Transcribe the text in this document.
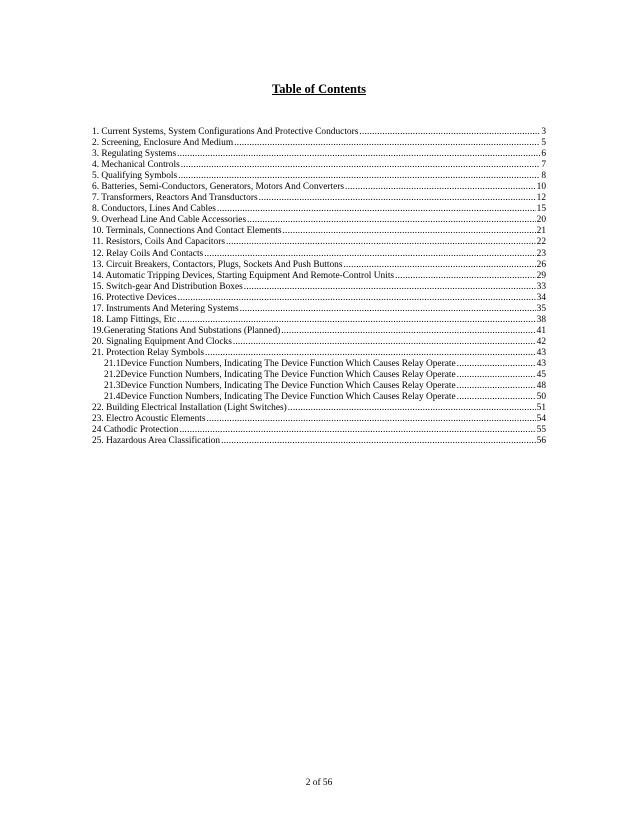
Table of Contents
1. Current Systems, System Configurations And Protective Conductors .....	3
2. Screening, Enclosure And Medium .....	5
3. Regulating Systems .....	6
4. Mechanical Controls .....	7
5. Qualifying Symbols .....	8
6. Batteries, Semi-Conductors, Generators, Motors And Converters .....	10
7. Transformers, Reactors And Transductors .....	12
8. Conductors, Lines And Cables .....	15
9. Overhead Line And Cable Accessories .....	20
10. Terminals, Connections And Contact Elements .....	21
11. Resistors, Coils And Capacitors .....	22
12. Relay Coils And Contacts .....	23
13. Circuit Breakers, Contactors, Plugs, Sockets And Push Buttons .....	26
14. Automatic Tripping Devices, Starting Equipment And Remote-Control Units .....	29
15. Switch-gear And Distribution Boxes .....	33
16. Protective Devices .....	34
17. Instruments And Metering Systems .....	35
18. Lamp Fittings, Etc .....	38
19.Generating Stations And Substations (Planned) .....	41
20. Signaling Equipment And Clocks .....	42
21. Protection Relay Symbols .....	43
21.1 Device Function Numbers, Indicating The Device Function Which Causes Relay Operate .....	43
21.2 Device Function Numbers, Indicating The Device Function Which Causes Relay Operate .....	45
21.3 Device Function Numbers, Indicating The Device Function Which Causes Relay Operate .....	48
21.4 Device Function Numbers, Indicating The Device Function Which Causes Relay Operate .....	50
22. Building Electrical Installation (Light Switches) .....	51
23. Electro Acoustic Elements .....	54
24 Cathodic Protection .....	55
25. Hazardous Area Classification .....	56
2 of 56
